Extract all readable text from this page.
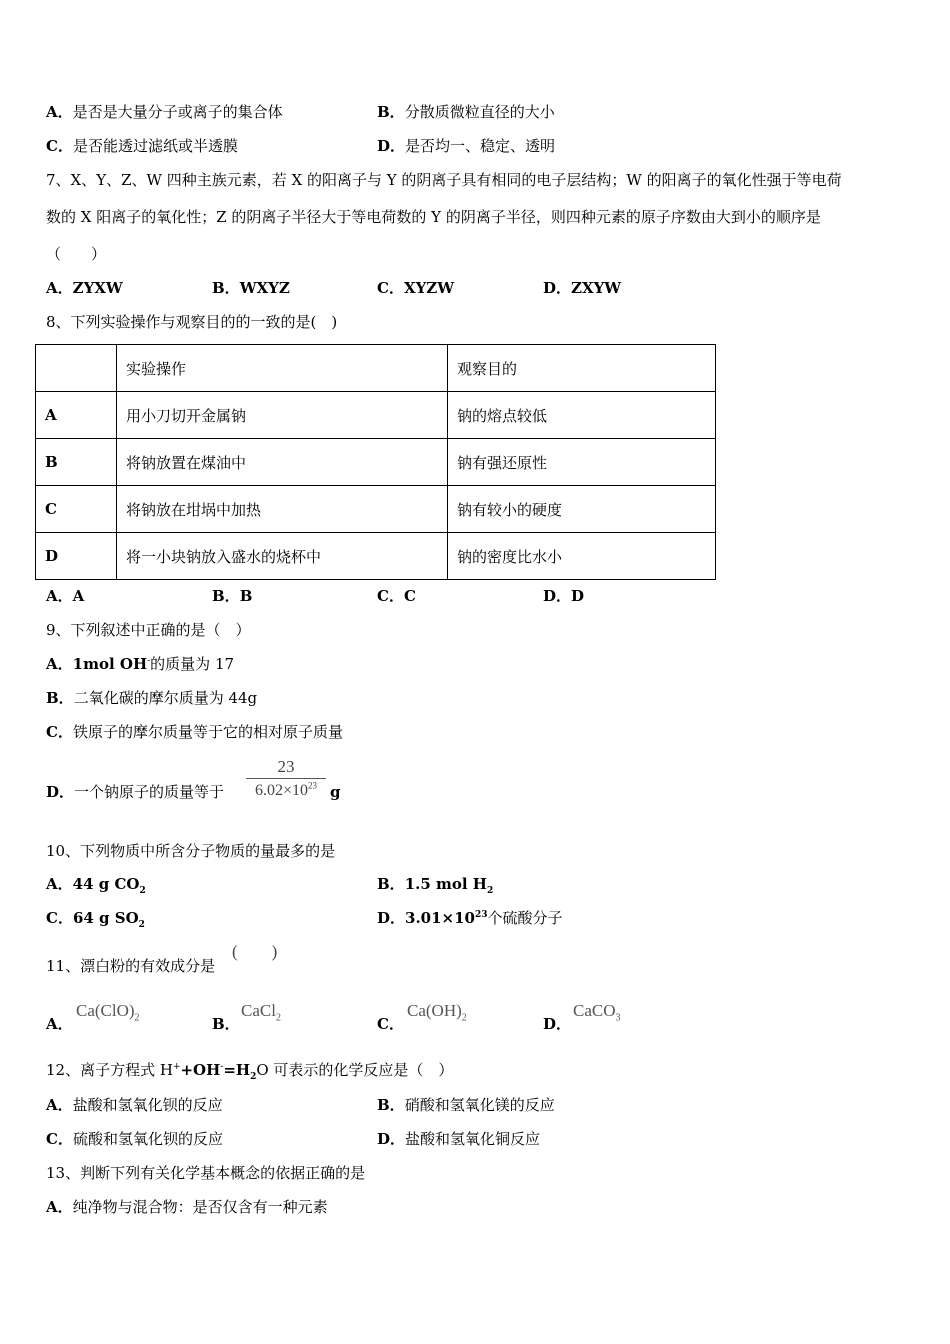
A．是否是大量分子或离子的集合体	B．分散质微粒直径的大小
C．是否能透过滤纸或半透膜	D．是否均一、稳定、透明
7、X、Y、Z、W 四种主族元素，若 X 的阳离子与 Y 的阴离子具有相同的电子层结构；W 的阳离子的氧化性强于等电荷
数的 X 阳离子的氧化性；Z 的阴离子半径大于等电荷数的 Y 的阴离子半径，则四种元素的原子序数由大到小的顺序是
（　　）
A．ZYXW	B．WXYZ	C．XYZW	D．ZXYW
8、下列实验操作与观察目的的一致的是(　)
	实验操作	观察目的
A	用小刀切开金属钠	钠的熔点较低
B	将钠放置在煤油中	钠有强还原性
C	将钠放在坩埚中加热	钠有较小的硬度
D	将一小块钠放入盛水的烧杯中	钠的密度比水小
A．A	B．B	C．C	D．D
9、下列叙述中正确的是（　）
A．1mol OH-的质量为 17
B．二氧化碳的摩尔质量为 44g
C．铁原子的摩尔质量等于它的相对原子质量
D．一个钠原子的质量等于
23
$6.02\times 10^{23}$ g
10、下列物质中所含分子物质的量最多的是
A．44 g $CO_2$	B．1.5 mol $H_2$
C．64 g $SO_2$	D．$3.01\times 10^{23}$个硫酸分子
11、漂白粉的有效成分是
(　　)
A．
$Ca(ClO)_2$	B．
CaCl$_2$	C．
$Ca(OH)_2$	D．
CaCO$_3$
12、离子方程式 $H^++OH^-=H_2O$ 可表示的化学反应是（　）
A．盐酸和氢氧化钡的反应	B．硝酸和氢氧化镁的反应
C．硫酸和氢氧化钡的反应	D．盐酸和氢氧化铜反应
13、判断下列有关化学基本概念的依据正确的是
A．纯净物与混合物：是否仅含有一种元素
